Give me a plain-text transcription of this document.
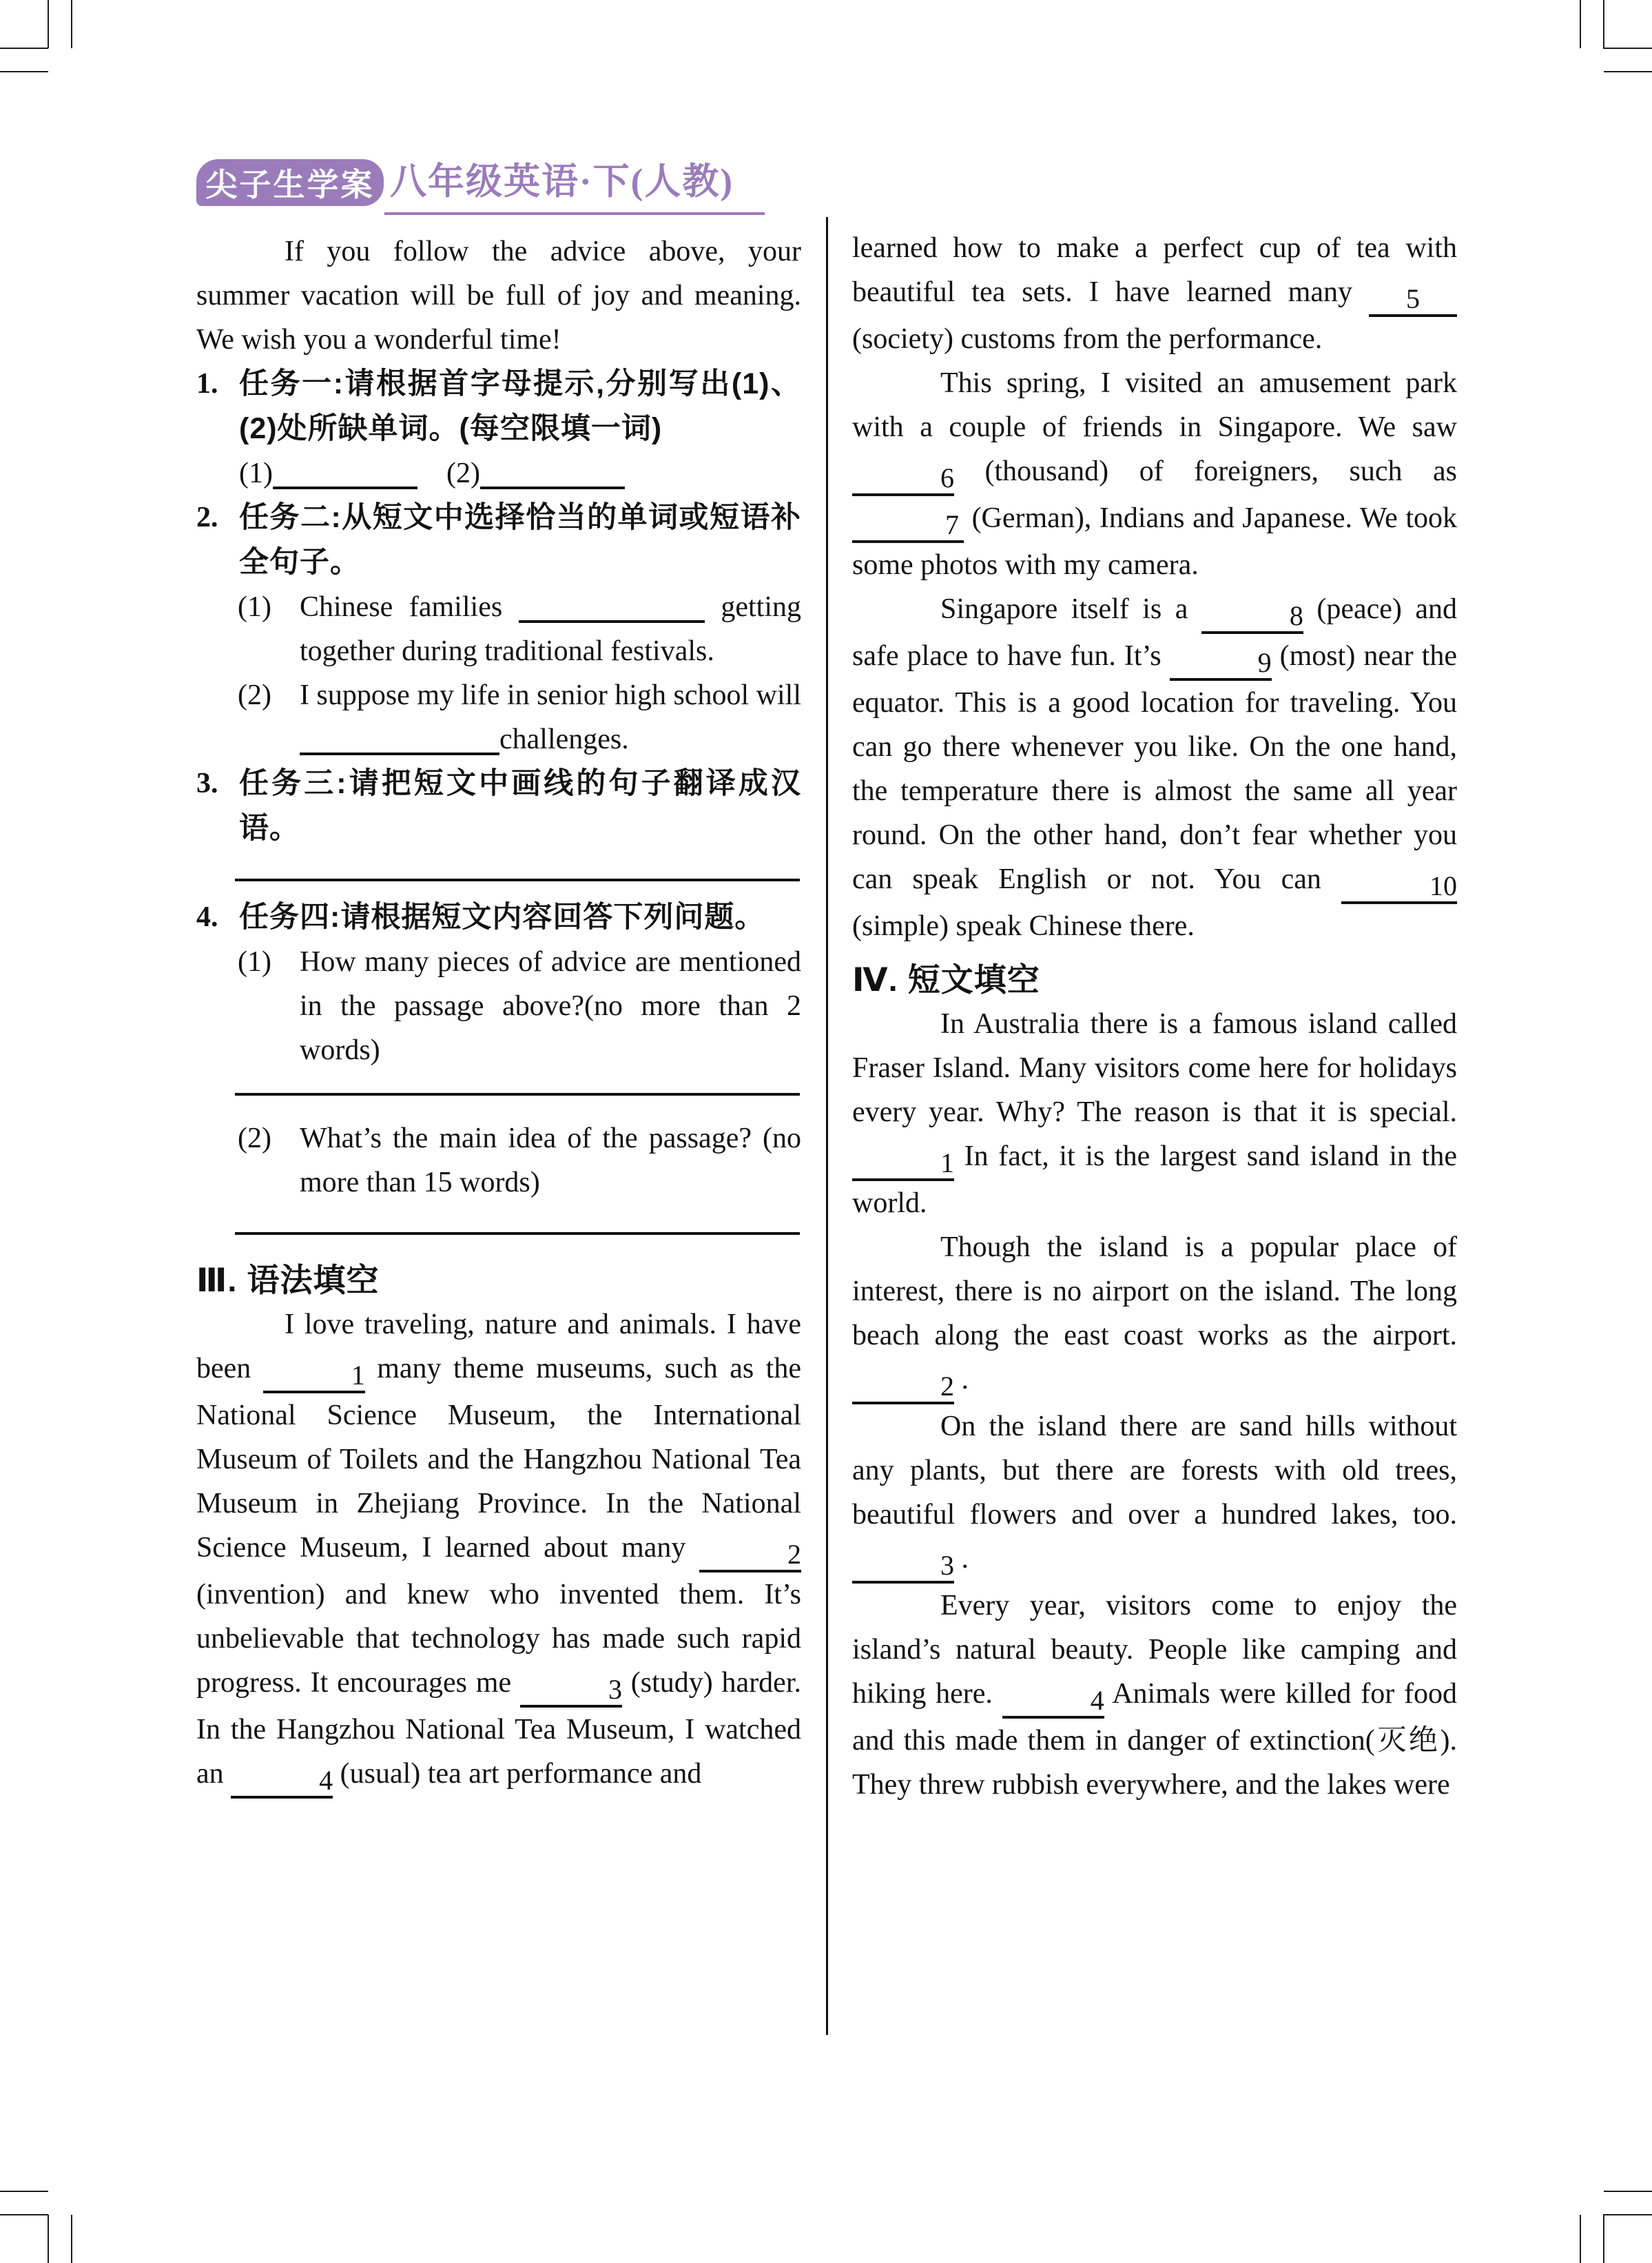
尖子生学案 八年级英语·下(人教)

If you follow the advice above, your summer vacation will be full of joy and meaning. We wish you a wonderful time!

1. 任务一:请根据首字母提示,分别写出(1)、(2)处所缺单词。(每空限填一词)
(1)	 (2)
2. 任务二:从短文中选择恰当的单词或短语补全句子。
(1) Chinese families	getting together during traditional festivals.
(2) I suppose my life in senior high school will challenges.
3. 任务三:请把短文中画线的句子翻译成汉语。
4. 任务四:请根据短文内容回答下列问题。
(1) How many pieces of advice are mentioned in the passage above?(no more than 2 words)
(2) What’s the main idea of the passage? (no more than 15 words)
Ⅲ. 语法填空

I love traveling, nature and animals. I have been	1 many theme museums, such as the National Science Museum, the International Museum of Toilets and the Hangzhou National Tea Museum in Zhejiang Province. In the National Science Museum, I learned about many	2 (invention) and knew who invented them. It’s unbelievable that technology has made such rapid progress. It encourages me	3 (study) harder. In the Hangzhou National Tea Museum, I watched an	4 (usual) tea art performance and

learned how to make a perfect cup of tea with beautiful tea sets. I have learned many 5 (society) customs from the performance.

This spring, I visited an amusement park with a couple of friends in Singapore. We saw 6 (thousand) of foreigners, such as 7 (German), Indians and Japanese. We took some photos with my camera.

Singapore itself is a	8 (peace) and safe place to have fun. It’s	9 (most) near the equator. This is a good location for traveling. You can go there whenever you like. On the one hand, the temperature there is almost the same all year round. On the other hand, don’t fear whether you can speak English or not. You can	10 (simple) speak Chinese there.

Ⅳ. 短文填空

In Australia there is a famous island called Fraser Island. Many visitors come here for holidays every year. Why? The reason is that it is special. 1 In fact, it is the largest sand island in the world.

Though the island is a popular place of interest, there is no airport on the island. The long beach along the east coast works as the airport. 2 .

On the island there are sand hills without any plants, but there are forests with old trees, beautiful flowers and over a hundred lakes, too. 3 .

Every year, visitors come to enjoy the island’s natural beauty. People like camping and hiking here.	4 Animals were killed for food and this made them in danger of extinction(灭绝). They threw rubbish everywhere, and the lakes were
